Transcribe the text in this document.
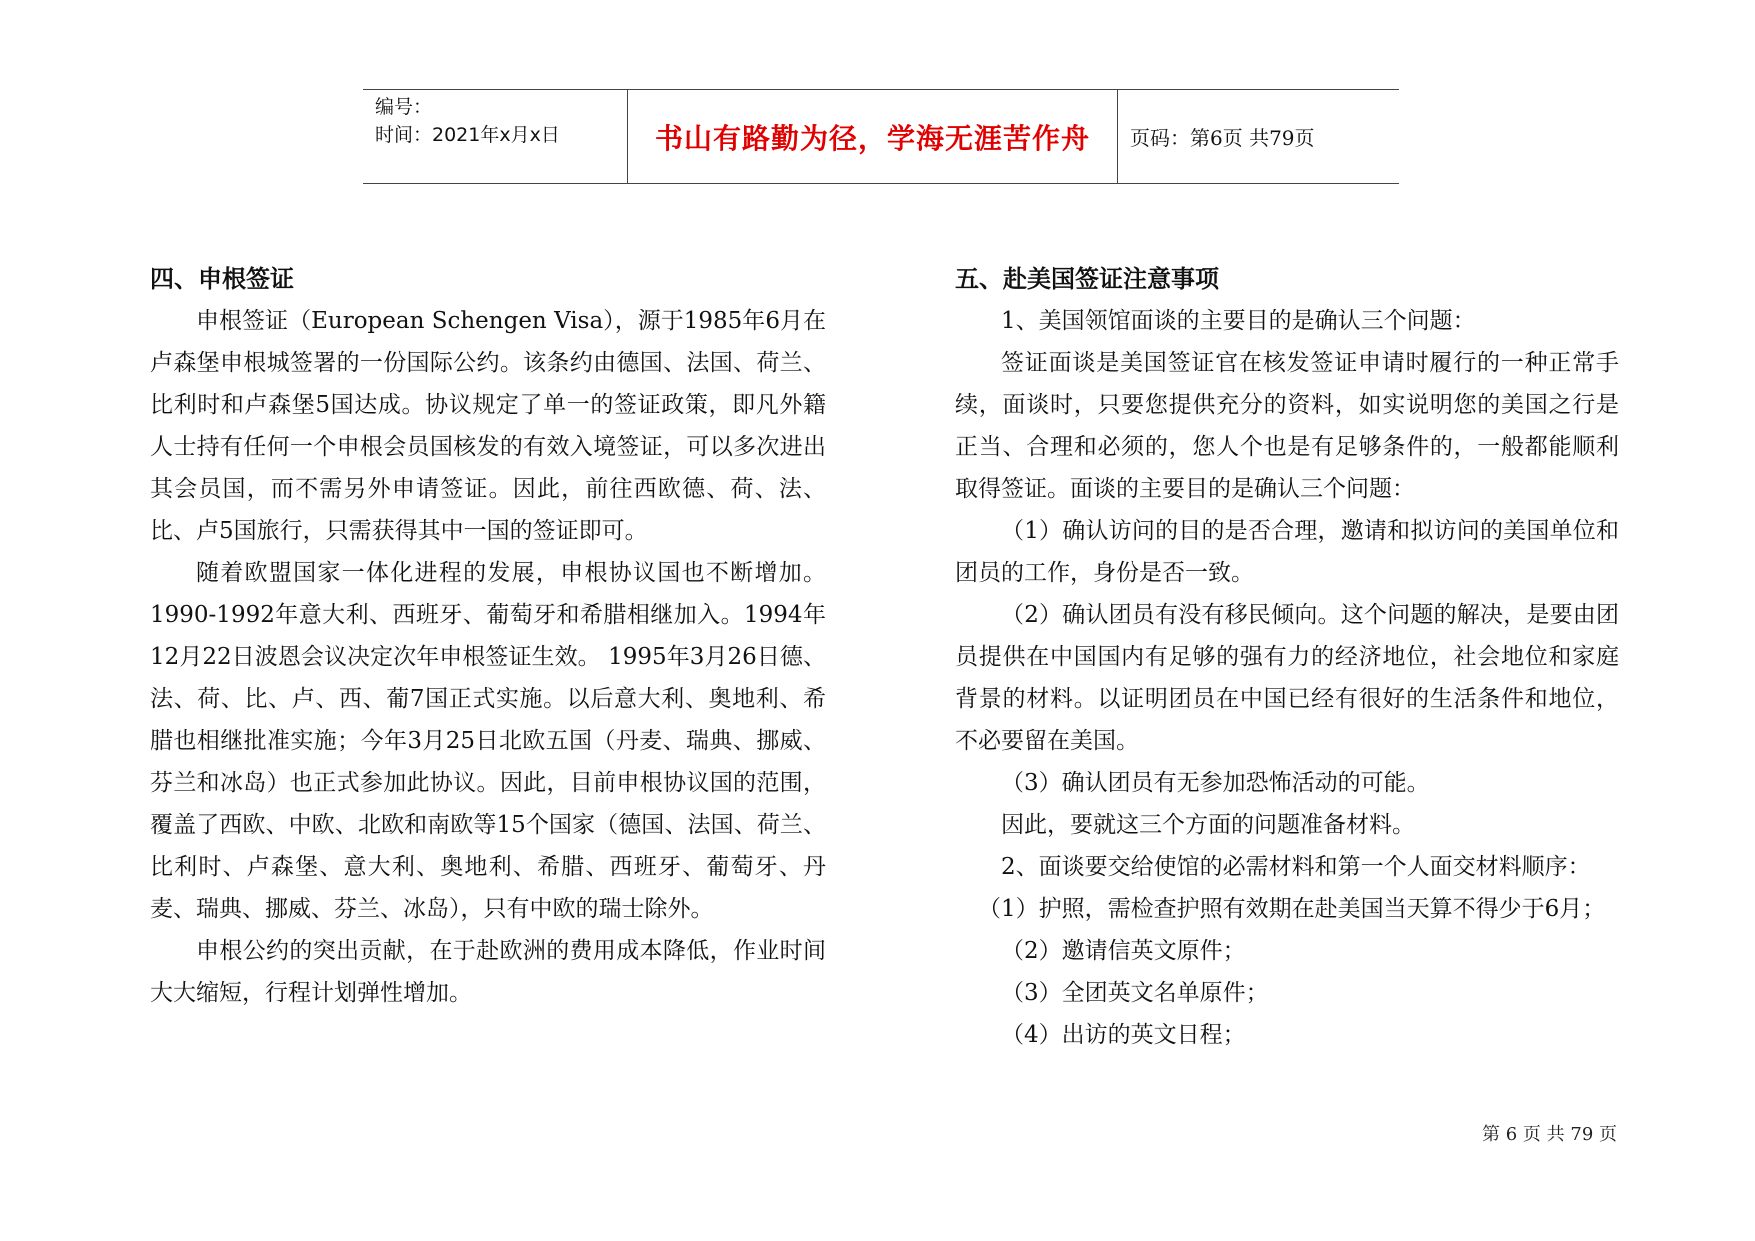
编号：
时间：2021年x月x日	书山有路勤为径，学海无涯苦作舟	页码：第6页 共79页
四、申根签证

申根签证（European Schengen Visa），源于1985年6月在卢森堡申根城签署的一份国际公约。该条约由德国、法国、荷兰、比利时和卢森堡5国达成。协议规定了单一的签证政策，即凡外籍人士持有任何一个申根会员国核发的有效入境签证，可以多次进出其会员国，而不需另外申请签证。因此，前往西欧德、荷、法、比、卢5国旅行，只需获得其中一国的签证即可。

随着欧盟国家一体化进程的发展，申根协议国也不断增加。1990-1992年意大利、西班牙、葡萄牙和希腊相继加入。1994年12月22日波恩会议决定次年申根签证生效。 1995年3月26日德、法、荷、比、卢、西、葡7国正式实施。以后意大利、奥地利、希腊也相继批准实施；今年3月25日北欧五国（丹麦、瑞典、挪威、芬兰和冰岛）也正式参加此协议。因此，目前申根协议国的范围，覆盖了西欧、中欧、北欧和南欧等15个国家（德国、法国、荷兰、比利时、卢森堡、意大利、奥地利、希腊、西班牙、葡萄牙、丹麦、瑞典、挪威、芬兰、冰岛），只有中欧的瑞士除外。

申根公约的突出贡献，在于赴欧洲的费用成本降低，作业时间大大缩短，行程计划弹性增加。

五、赴美国签证注意事项

1、美国领馆面谈的主要目的是确认三个问题：

签证面谈是美国签证官在核发签证申请时履行的一种正常手续，面谈时，只要您提供充分的资料，如实说明您的美国之行是正当、合理和必须的，您人个也是有足够条件的，一般都能顺利取得签证。面谈的主要目的是确认三个问题：

（1）确认访问的目的是否合理，邀请和拟访问的美国单位和团员的工作，身份是否一致。

（2）确认团员有没有移民倾向。这个问题的解决，是要由团员提供在中国国内有足够的强有力的经济地位，社会地位和家庭背景的材料。以证明团员在中国已经有很好的生活条件和地位，不必要留在美国。

（3）确认团员有无参加恐怖活动的可能。

因此，要就这三个方面的问题准备材料。

2、面谈要交给使馆的必需材料和第一个人面交材料顺序：

（1）护照，需检查护照有效期在赴美国当天算不得少于6月；

（2）邀请信英文原件；

（3）全团英文名单原件；

（4）出访的英文日程；

第 6 页 共 79 页
